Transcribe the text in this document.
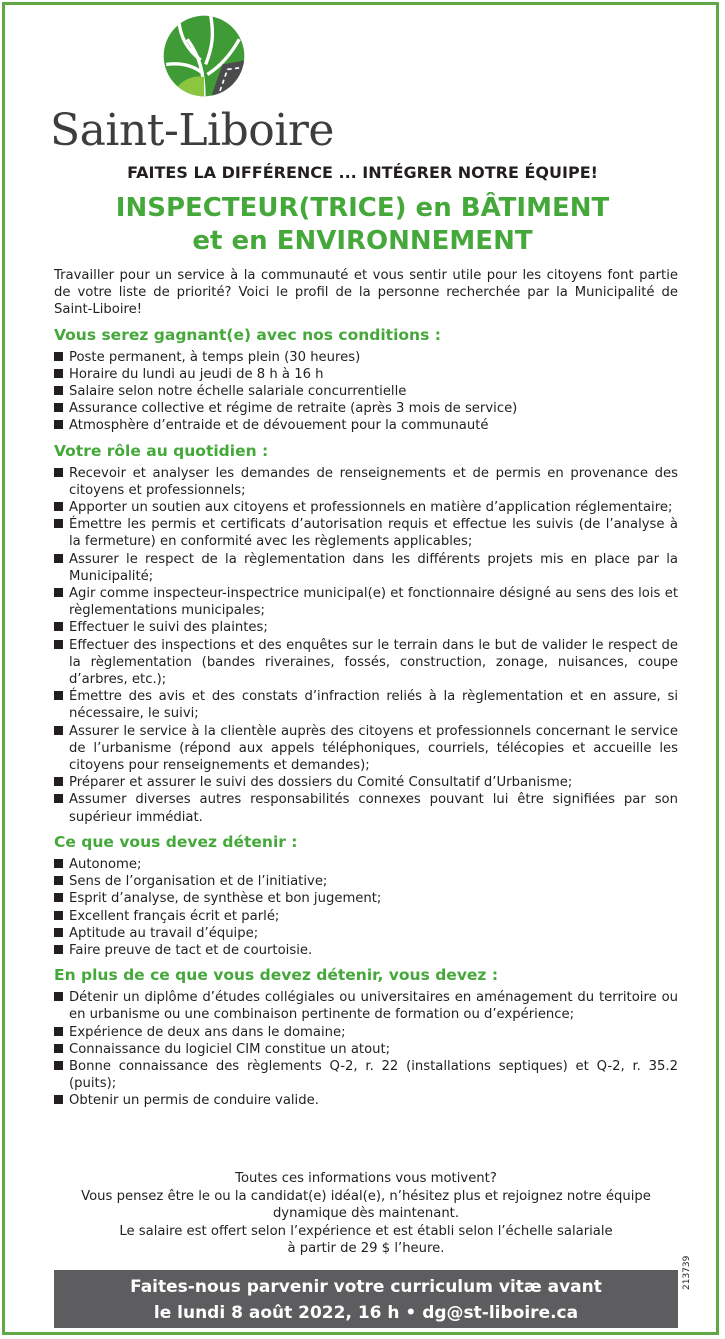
Saint-Liboire
FAITES LA DIFFÉRENCE ... INTÉGRER NOTRE ÉQUIPE!
INSPECTEUR(TRICE) en BÂTIMENT
et en ENVIRONNEMENT

Travailler pour un service à la communauté et vous sentir utile pour les citoyens font partie de votre liste de priorité? Voici le profil de la personne recherchée par la Municipalité de Saint-Liboire!

Vous serez gagnant(e) avec nos conditions :
Poste permanent, à temps plein (30 heures)
Horaire du lundi au jeudi de 8 h à 16 h
Salaire selon notre échelle salariale concurrentielle
Assurance collective et régime de retraite (après 3 mois de service)
Atmosphère d’entraide et de dévouement pour la communauté
Votre rôle au quotidien :
Recevoir et analyser les demandes de renseignements et de permis en provenance des citoyens et professionnels;
Apporter un soutien aux citoyens et professionnels en matière d’application réglementaire;
Émettre les permis et certificats d’autorisation requis et effectue les suivis (de l’analyse à la fermeture) en conformité avec les règlements applicables;
Assurer le respect de la règlementation dans les différents projets mis en place par la Municipalité;
Agir comme inspecteur-inspectrice municipal(e) et fonctionnaire désigné au sens des lois et règlementations municipales;
Effectuer le suivi des plaintes;
Effectuer des inspections et des enquêtes sur le terrain dans le but de valider le respect de la règlementation (bandes riveraines, fossés, construction, zonage, nuisances, coupe d’arbres, etc.);
Émettre des avis et des constats d’infraction reliés à la règlementation et en assure, si nécessaire, le suivi;
Assurer le service à la clientèle auprès des citoyens et professionnels concernant le service de l’urbanisme (répond aux appels téléphoniques, courriels, télécopies et accueille les citoyens pour renseignements et demandes);
Préparer et assurer le suivi des dossiers du Comité Consultatif d’Urbanisme;
Assumer diverses autres responsabilités connexes pouvant lui être signifiées par son supérieur immédiat.
Ce que vous devez détenir :
Autonome;
Sens de l’organisation et de l’initiative;
Esprit d’analyse, de synthèse et bon jugement;
Excellent français écrit et parlé;
Aptitude au travail d’équipe;
Faire preuve de tact et de courtoisie.
En plus de ce que vous devez détenir, vous devez :
Détenir un diplôme d’études collégiales ou universitaires en aménagement du territoire ou en urbanisme ou une combinaison pertinente de formation ou d’expérience;
Expérience de deux ans dans le domaine;
Connaissance du logiciel CIM constitue un atout;
Bonne connaissance des règlements Q-2, r. 22 (installations septiques) et Q-2, r. 35.2 (puits);
Obtenir un permis de conduire valide.
Toutes ces informations vous motivent?
Vous pensez être le ou la candidat(e) idéal(e), n’hésitez plus et rejoignez notre équipe
dynamique dès maintenant.
Le salaire est offert selon l’expérience et est établi selon l’échelle salariale
à partir de 29 $ l’heure.
Faites-nous parvenir votre curriculum vitæ avant
le lundi 8 août 2022, 16 h • dg@st-liboire.ca
213739
